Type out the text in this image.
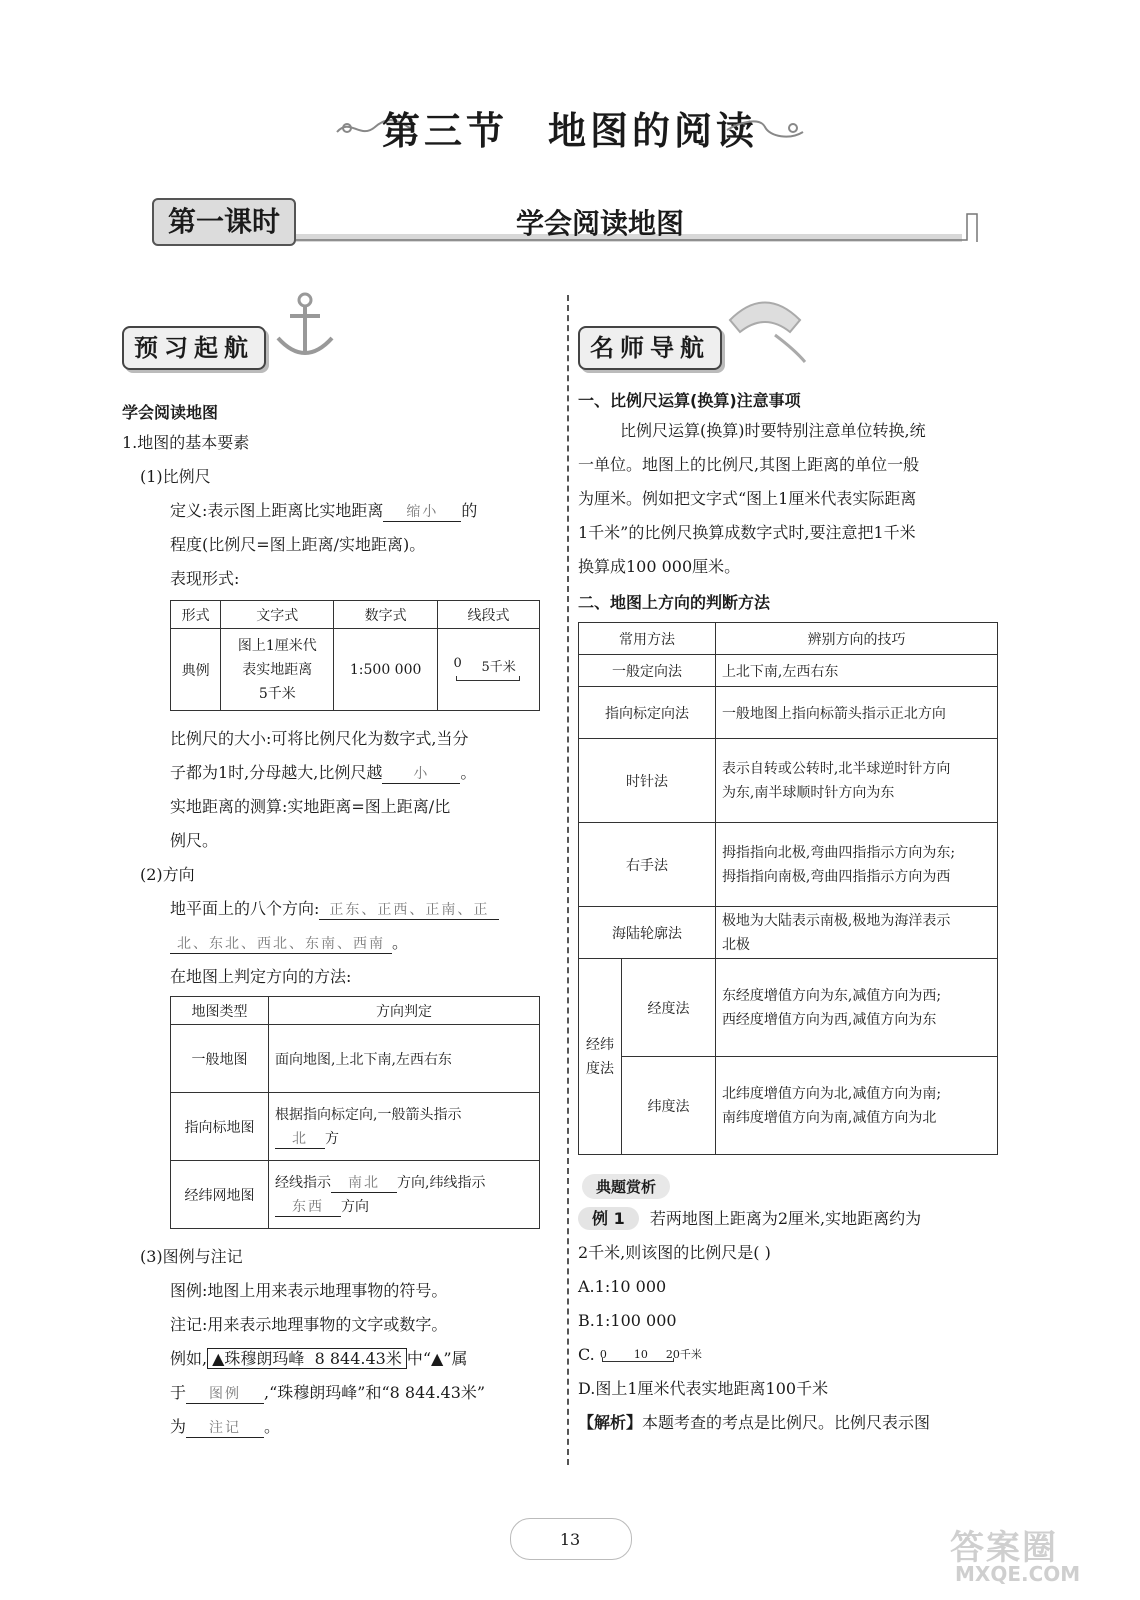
第三节 地图的阅读
第一课时	学会阅读地图
预习起航
学会阅读地图
1.地图的基本要素
(1)比例尺
定义:表示图上距离比实地距离 缩小 的
程度(比例尺=图上距离/实地距离)。
表现形式:
形式	文字式	数字式	线段式
典例	图上1厘米代
表实地距离
5千米	1:500 000	0 5千米
比例尺的大小:可将比例尺化为数字式,当分
子都为1时,分母越大,比例尺越 小 。
实地距离的测算:实地距离=图上距离/比
例尺。
(2)方向
地平面上的八个方向: 正东、正西、正南、正
北、东北、西北、东南、西南 。
在地图上判定方向的方法:
地图类型	方向判定
一般地图	面向地图,上北下南,左西右东
指向标地图	根据指向标定向,一般箭头指示
北 方

经纬网地图	经线指示 南北 方向,纬线指示
东西 方向
(3)图例与注记
图例:地图上用来表示地理事物的符号。
注记:用来表示地理事物的文字或数字。
例如, ▲珠穆朗玛峰  8 844.43米 中“▲”属
于 图例 ,“珠穆朗玛峰”和“8 844.43米”
为 注记 。
名师导航
一、比例尺运算(换算)注意事项
比例尺运算(换算)时要特别注意单位转换,统
一单位。地图上的比例尺,其图上距离的单位一般
为厘米。例如把文字式“图上1厘米代表实际距离
1千米”的比例尺换算成数字式时,要注意把1千米
换算成100 000厘米。
二、地图上方向的判断方法
常用方法		辨别方向的技巧
一般定向法		上北下南,左西右东
指向标定向法		一般地图上指向标箭头指示正北方向
时针法		表示自转或公转时,北半球逆时针方向
为东,南半球顺时针方向为东

右手法		拇指指向北极,弯曲四指指示方向为东;
拇指指向南极,弯曲四指指示方向为西

海陆轮廓法		极地为大陆表示南极,极地为海洋表示
北极

经纬
度法	经度法	东经度增值方向为东,减值方向为西;
西经度增值方向为西,减值方向为东

	纬度法	北纬度增值方向为北,减值方向为南;
南纬度增值方向为南,减值方向为北
典题赏析
例 1 若两地图上距离为2厘米,实地距离约为
2千米,则该图的比例尺是( )
A.1:10 000
B.1:100 000
C. 0 10 20千米
D.图上1厘米代表实地距离100千米
【解析】本题考查的考点是比例尺。比例尺表示图
13	答案圈
MXQE.COM
